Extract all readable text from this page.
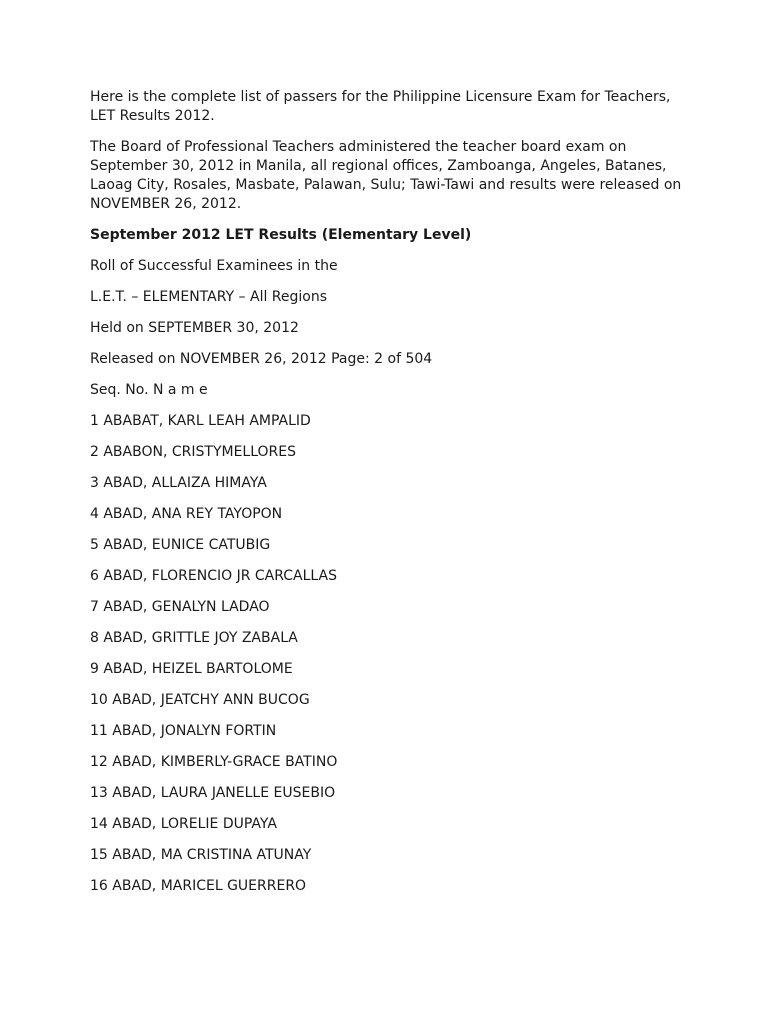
Here is the complete list of passers for the Philippine Licensure Exam for Teachers, LET Results 2012.

The Board of Professional Teachers administered the teacher board exam on September 30, 2012 in Manila, all regional offices, Zamboanga, Angeles, Batanes, Laoag City, Rosales, Masbate, Palawan, Sulu; Tawi-Tawi and results were released on NOVEMBER 26, 2012.

September 2012 LET Results (Elementary Level)

Roll of Successful Examinees in the

L.E.T. – ELEMENTARY – All Regions

Held on SEPTEMBER 30, 2012

Released on NOVEMBER 26, 2012 Page: 2 of 504

Seq. No. N a m e

1 ABABAT, KARL LEAH AMPALID
2 ABABON, CRISTYMELLORES
3 ABAD, ALLAIZA HIMAYA
4 ABAD, ANA REY TAYOPON
5 ABAD, EUNICE CATUBIG
6 ABAD, FLORENCIO JR CARCALLAS
7 ABAD, GENALYN LADAO
8 ABAD, GRITTLE JOY ZABALA
9 ABAD, HEIZEL BARTOLOME
10 ABAD, JEATCHY ANN BUCOG
11 ABAD, JONALYN FORTIN
12 ABAD, KIMBERLY-GRACE BATINO
13 ABAD, LAURA JANELLE EUSEBIO
14 ABAD, LORELIE DUPAYA
15 ABAD, MA CRISTINA ATUNAY
16 ABAD, MARICEL GUERRERO
